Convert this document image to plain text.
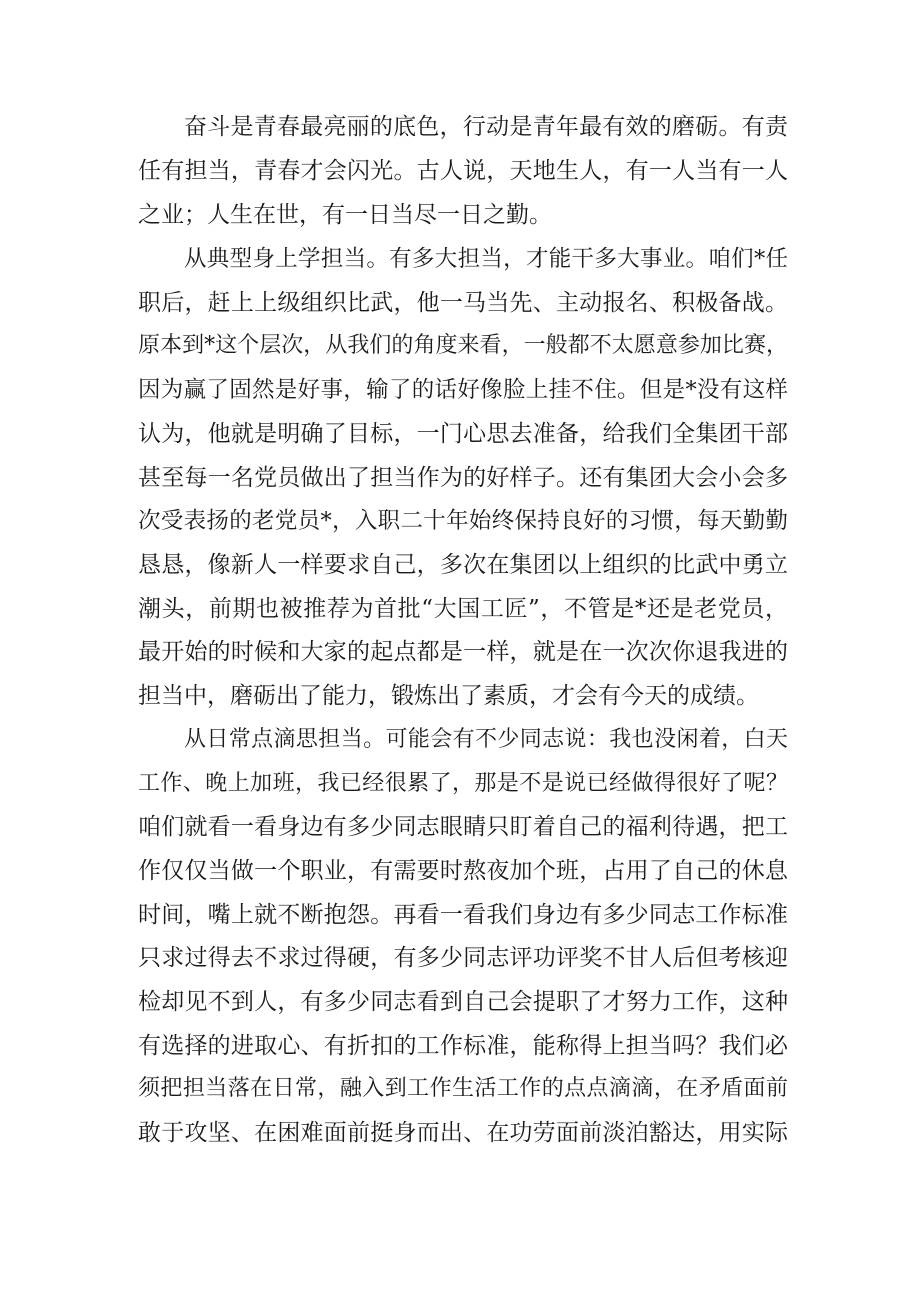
奋斗是青春最亮丽的底色，行动是青年最有效的磨砺。有责
任有担当，青春才会闪光。古人说，天地生人，有一人当有一人
之业；人生在世，有一日当尽一日之勤。
从典型身上学担当。有多大担当，才能干多大事业。咱们*任
职后，赶上上级组织比武，他一马当先、主动报名、积极备战。
原本到*这个层次，从我们的角度来看，一般都不太愿意参加比赛，
因为赢了固然是好事，输了的话好像脸上挂不住。但是*没有这样
认为，他就是明确了目标，一门心思去准备，给我们全集团干部
甚至每一名党员做出了担当作为的好样子。还有集团大会小会多
次受表扬的老党员*，入职二十年始终保持良好的习惯，每天勤勤
恳恳，像新人一样要求自己，多次在集团以上组织的比武中勇立
潮头，前期也被推荐为首批“大国工匠”，不管是*还是老党员，
最开始的时候和大家的起点都是一样，就是在一次次你退我进的
担当中，磨砺出了能力，锻炼出了素质，才会有今天的成绩。
从日常点滴思担当。可能会有不少同志说：我也没闲着，白天
工作、晚上加班，我已经很累了，那是不是说已经做得很好了呢？
咱们就看一看身边有多少同志眼睛只盯着自己的福利待遇，把工
作仅仅当做一个职业，有需要时熬夜加个班，占用了自己的休息
时间，嘴上就不断抱怨。再看一看我们身边有多少同志工作标准
只求过得去不求过得硬，有多少同志评功评奖不甘人后但考核迎
检却见不到人，有多少同志看到自己会提职了才努力工作，这种
有选择的进取心、有折扣的工作标准，能称得上担当吗？我们必
须把担当落在日常，融入到工作生活工作的点点滴滴，在矛盾面前
敢于攻坚、在困难面前挺身而出、在功劳面前淡泊豁达，用实际
